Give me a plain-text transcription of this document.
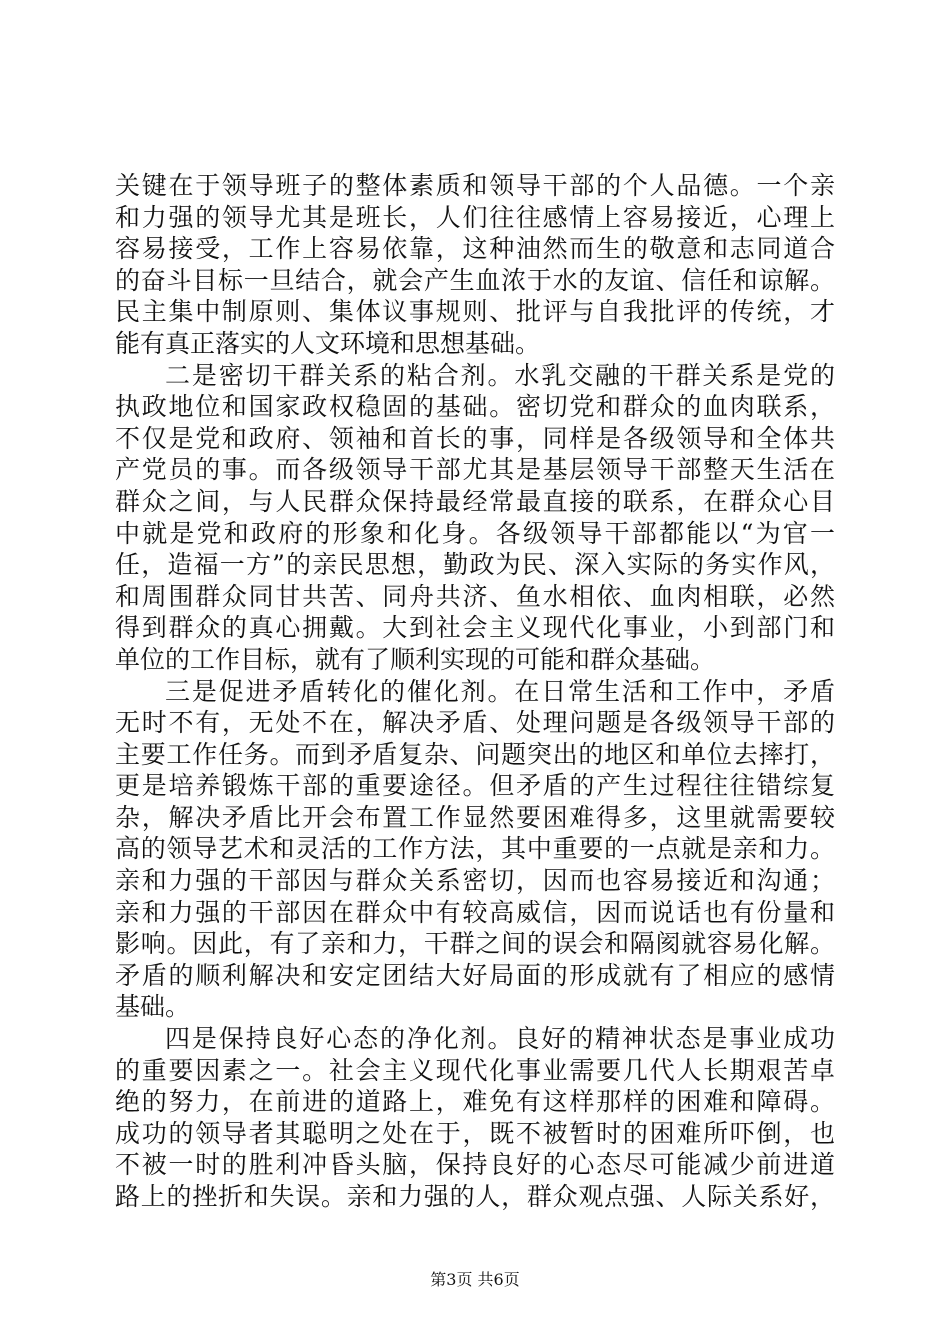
关键在于领导班子的整体素质和领导干部的个人品德。一个亲
和力强的领导尤其是班长，人们往往感情上容易接近，心理上
容易接受，工作上容易依靠，这种油然而生的敬意和志同道合
的奋斗目标一旦结合，就会产生血浓于水的友谊、信任和谅解。
民主集中制原则、集体议事规则、批评与自我批评的传统，才
能有真正落实的人文环境和思想基础。
二是密切干群关系的粘合剂。水乳交融的干群关系是党的
执政地位和国家政权稳固的基础。密切党和群众的血肉联系，
不仅是党和政府、领袖和首长的事，同样是各级领导和全体共
产党员的事。而各级领导干部尤其是基层领导干部整天生活在
群众之间，与人民群众保持最经常最直接的联系，在群众心目
中就是党和政府的形象和化身。各级领导干部都能以“为官一
任，造福一方”的亲民思想，勤政为民、深入实际的务实作风，
和周围群众同甘共苦、同舟共济、鱼水相依、血肉相联，必然
得到群众的真心拥戴。大到社会主义现代化事业，小到部门和
单位的工作目标，就有了顺利实现的可能和群众基础。
三是促进矛盾转化的催化剂。在日常生活和工作中，矛盾
无时不有，无处不在，解决矛盾、处理问题是各级领导干部的
主要工作任务。而到矛盾复杂、问题突出的地区和单位去摔打，
更是培养锻炼干部的重要途径。但矛盾的产生过程往往错综复
杂，解决矛盾比开会布置工作显然要困难得多，这里就需要较
高的领导艺术和灵活的工作方法，其中重要的一点就是亲和力。
亲和力强的干部因与群众关系密切，因而也容易接近和沟通；
亲和力强的干部因在群众中有较高威信，因而说话也有份量和
影响。因此，有了亲和力，干群之间的误会和隔阂就容易化解。
矛盾的顺利解决和安定团结大好局面的形成就有了相应的感情
基础。
四是保持良好心态的净化剂。良好的精神状态是事业成功
的重要因素之一。社会主义现代化事业需要几代人长期艰苦卓
绝的努力，在前进的道路上，难免有这样那样的困难和障碍。
成功的领导者其聪明之处在于，既不被暂时的困难所吓倒，也
不被一时的胜利冲昏头脑，保持良好的心态尽可能减少前进道
路上的挫折和失误。亲和力强的人，群众观点强、人际关系好，
第3页 共6页
